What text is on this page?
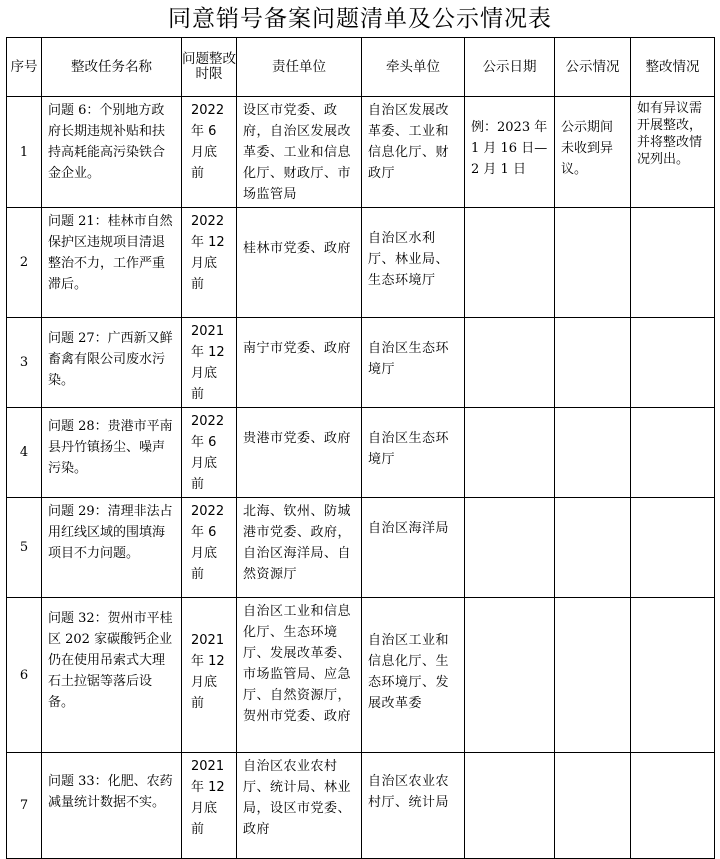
同意销号备案问题清单及公示情况表
序号	整改任务名称	问题整改时限	责任单位	牵头单位	公示日期	公示情况	整改情况
1	问题 6：个别地方政府长期违规补贴和扶持高耗能高污染铁合金企业。	2022
年 6
月底
前	设区市党委、政府，自治区发展改革委、工业和信息化厅、财政厅、市场监管局	自治区发展改革委、工业和信息化厅、财政厅	例：2023 年 1 月 16 日—2 月 1 日	公示期间未收到异议。	如有异议需开展整改，并将整改情况列出。
2	问题 21：桂林市自然保护区违规项目清退整治不力，工作严重滞后。	2022
年 12
月底
前	桂林市党委、政府	自治区水利厅、林业局、生态环境厅			
3	问题 27：广西新又鲜畜禽有限公司废水污染。	2021
年 12
月底
前	南宁市党委、政府	自治区生态环境厅			
4	问题 28：贵港市平南县丹竹镇扬尘、噪声污染。	2022
年 6
月底
前	贵港市党委、政府	自治区生态环境厅			
5	问题 29：清理非法占用红线区域的围填海项目不力问题。	2022
年 6
月底
前	北海、钦州、防城港市党委、政府，自治区海洋局、自然资源厅	自治区海洋局			
6	问题 32：贺州市平桂区 202 家碳酸钙企业仍在使用吊索式大理石土拉锯等落后设备。	2021
年 12
月底
前	自治区工业和信息化厅、生态环境厅、发展改革委、市场监管局、应急厅、自然资源厅，贺州市党委、政府	自治区工业和信息化厅、生态环境厅、发展改革委			
7	问题 33：化肥、农药减量统计数据不实。	2021
年 12
月底
前	自治区农业农村厅、统计局、林业局，设区市党委、政府	自治区农业农村厅、统计局			
